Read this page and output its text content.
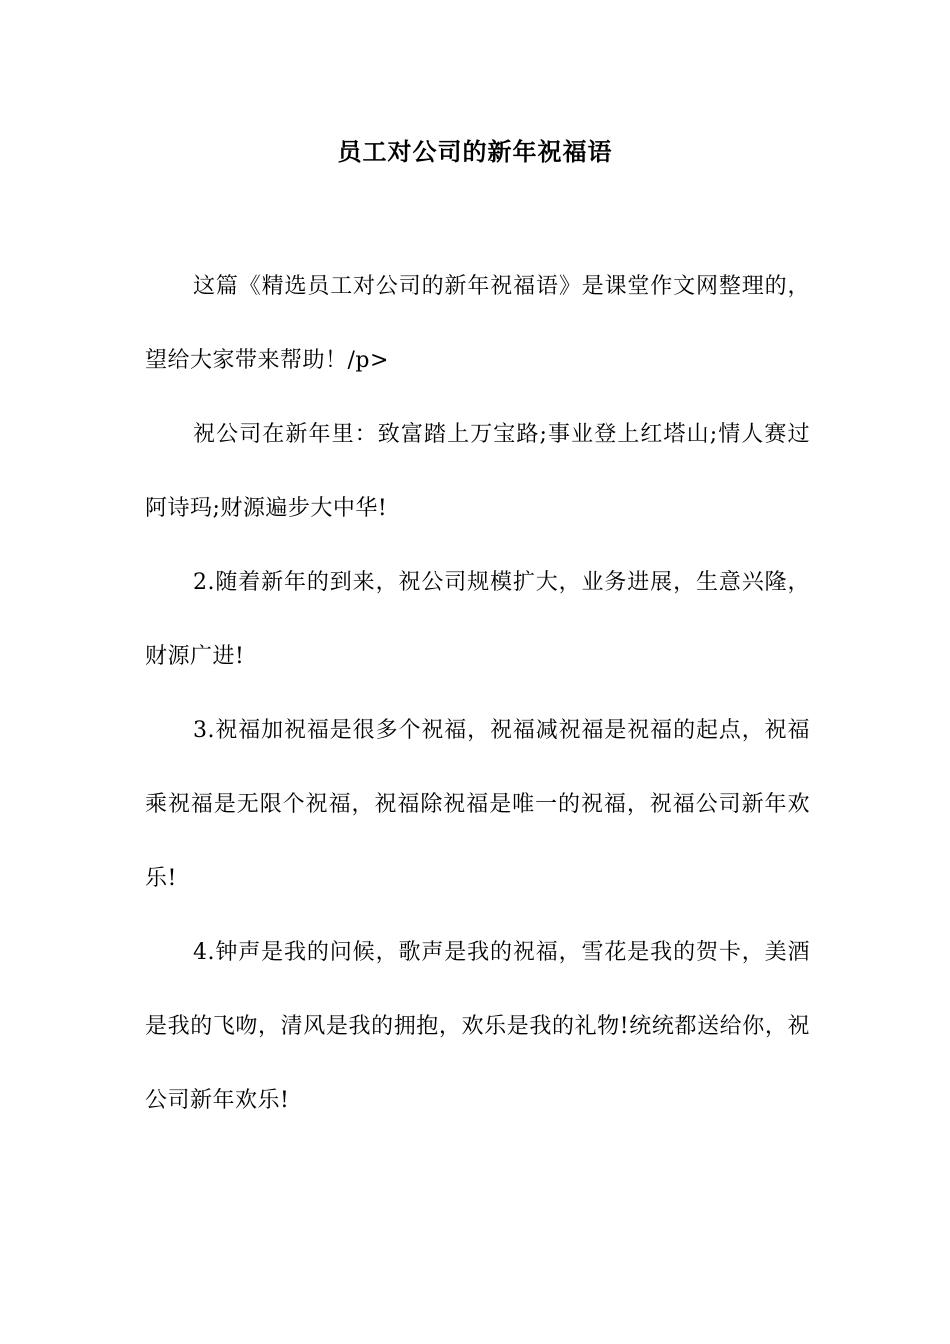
员工对公司的新年祝福语

这篇《精选员工对公司的新年祝福语》是课堂作文网整理的，望给大家带来帮助！/p>

祝公司在新年里：致富踏上万宝路;事业登上红塔山;情人赛过阿诗玛;财源遍步大中华!

2.随着新年的到来，祝公司规模扩大，业务进展，生意兴隆，财源广进!

3.祝福加祝福是很多个祝福，祝福减祝福是祝福的起点，祝福乘祝福是无限个祝福，祝福除祝福是唯一的祝福，祝福公司新年欢乐!

4.钟声是我的问候，歌声是我的祝福，雪花是我的贺卡，美酒是我的飞吻，清风是我的拥抱，欢乐是我的礼物!统统都送给你，祝公司新年欢乐!
